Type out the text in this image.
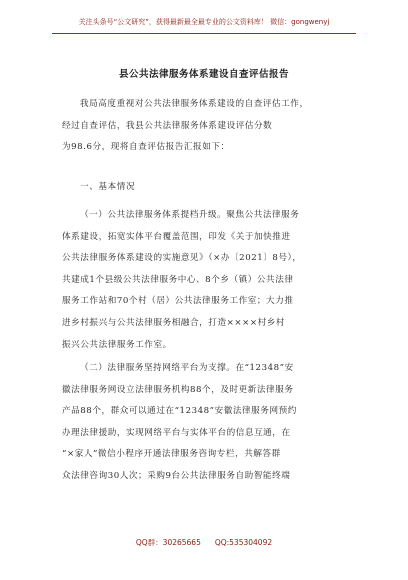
关注头条号“公文研究”，获得最新最全最专业的公文资料库！ 微信：gongwenyj
县公共法律服务体系建设自查评估报告
我局高度重视对公共法律服务体系建设的自查评估工作，
经过自查评估，我县公共法律服务体系建设评估分数
为98.6分，现将自查评估报告汇报如下：
一、基本情况
（一）公共法律服务体系提档升级。聚焦公共法律服务
体系建设，拓宽实体平台覆盖范围，印发《关于加快推进
公共法律服务体系建设的实施意见》（×办〔2021〕8号），
共建成1个县级公共法律服务中心、8个乡（镇）公共法律
服务工作站和70个村（居）公共法律服务工作室；大力推
进乡村振兴与公共法律服务相融合，打造××××村乡村
振兴公共法律服务工作室。
（二）法律服务坚持网络平台为支撑。在“12348”安
徽法律服务网设立法律服务机构88个，及时更新法律服务
产品88个，群众可以通过在“12348”安徽法律服务网预约
办理法律援助，实现网络平台与实体平台的信息互通，在
“×家人”微信小程序开通法律服务咨询专栏，共解答群
众法律咨询30人次；采购9台公共法律服务自助智能终端
QQ群：30265665 QQ:535304092
